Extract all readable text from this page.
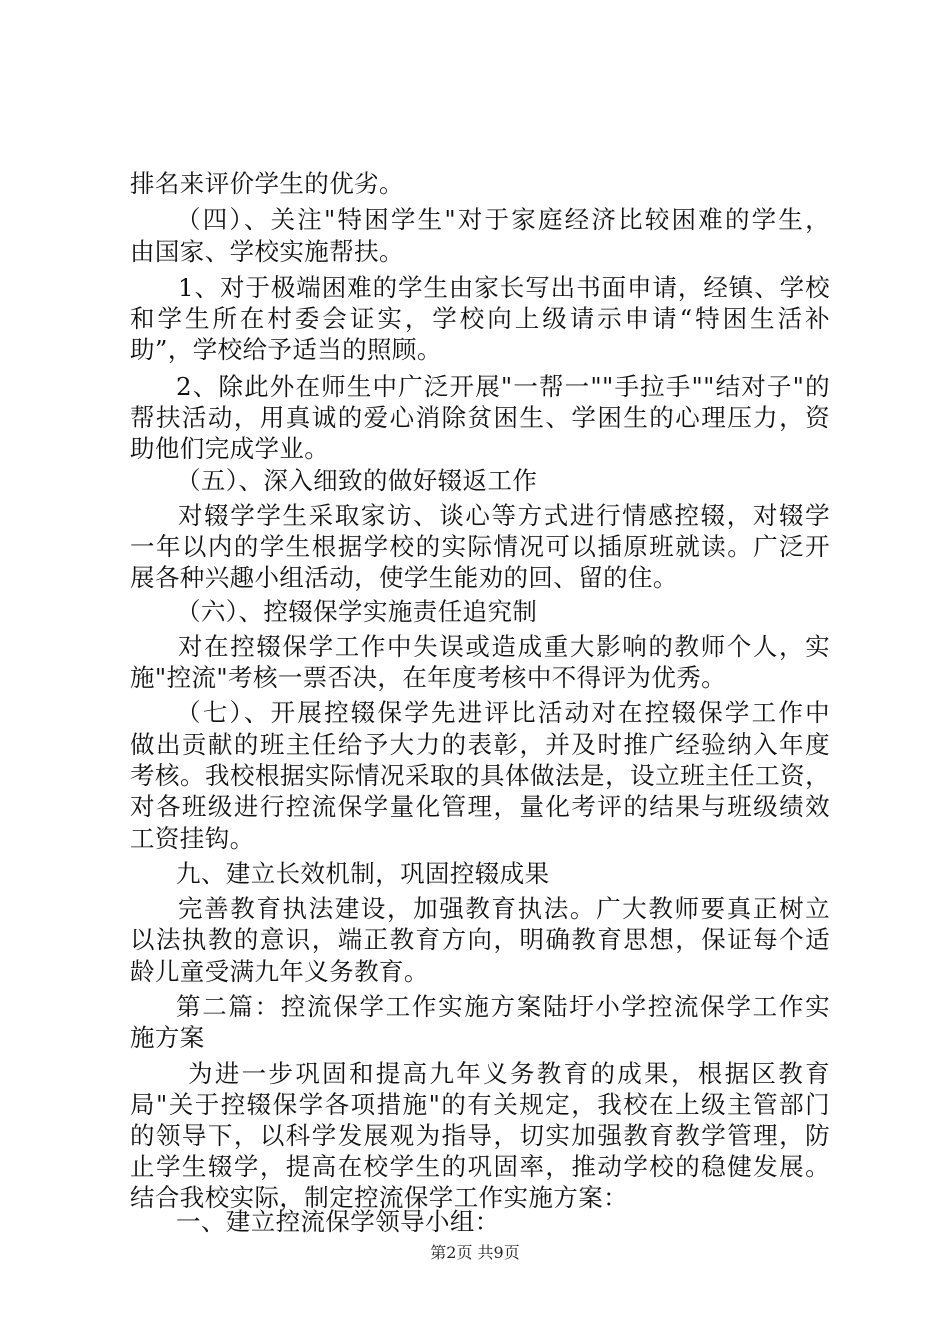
排名来评价学生的优劣。
（四）、关注"特困学生"对于家庭经济比较困难的学生，
由国家、学校实施帮扶。
1、对于极端困难的学生由家长写出书面申请，经镇、学校
和学生所在村委会证实，学校向上级请示申请“特困生活补
助”，学校给予适当的照顾。
2、除此外在师生中广泛开展"一帮一""手拉手""结对子"的
帮扶活动，用真诚的爱心消除贫困生、学困生的心理压力，资
助他们完成学业。
（五）、深入细致的做好辍返工作
对辍学学生采取家访、谈心等方式进行情感控辍，对辍学
一年以内的学生根据学校的实际情况可以插原班就读。广泛开
展各种兴趣小组活动，使学生能劝的回、留的住。
（六）、控辍保学实施责任追究制
对在控辍保学工作中失误或造成重大影响的教师个人，实
施"控流"考核一票否决，在年度考核中不得评为优秀。
（七）、开展控辍保学先进评比活动对在控辍保学工作中
做出贡献的班主任给予大力的表彰，并及时推广经验纳入年度
考核。我校根据实际情况采取的具体做法是，设立班主任工资，
对各班级进行控流保学量化管理，量化考评的结果与班级绩效
工资挂钩。
九、建立长效机制，巩固控辍成果
完善教育执法建设，加强教育执法。广大教师要真正树立
以法执教的意识，端正教育方向，明确教育思想，保证每个适
龄儿童受满九年义务教育。
第二篇：控流保学工作实施方案陆圩小学控流保学工作实
施方案
为进一步巩固和提高九年义务教育的成果，根据区教育
局"关于控辍保学各项措施"的有关规定，我校在上级主管部门
的领导下，以科学发展观为指导，切实加强教育教学管理，防
止学生辍学，提高在校学生的巩固率，推动学校的稳健发展。
结合我校实际，制定控流保学工作实施方案：
一、建立控流保学领导小组：
第2页 共9页
